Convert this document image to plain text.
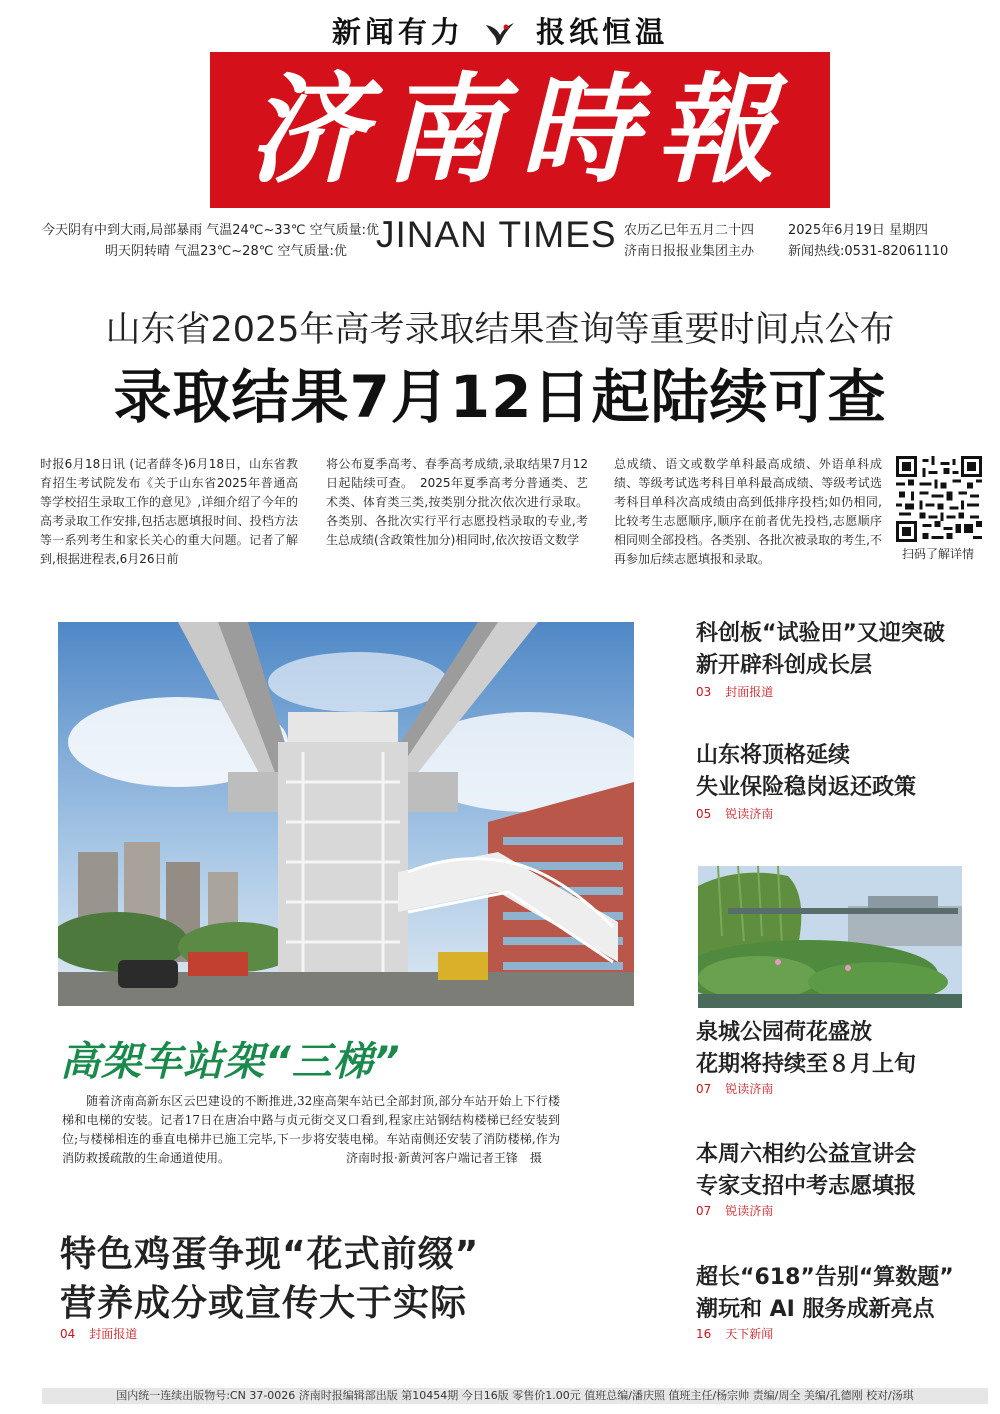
新闻有力 报纸恒温
济南時報
今天阴有中到大雨,局部暴雨 气温24℃~33℃ 空气质量:优
明天阴转晴 气温23℃~28℃ 空气质量:优 JINAN TIMES 农历乙巳年五月二十四	2025年6月19日 星期四
济南日报报业集团主办	新闻热线:0531-82061110
山东省2025年高考录取结果查询等重要时间点公布
录取结果7月12日起陆续可查
时报6月18日讯 (记者薛冬)6月18日，山东省教育招生考试院发布《关于山东省2025年普通高等学校招生录取工作的意见》,详细介绍了今年的高考录取工作安排,包括志愿填报时间、投档方法等一系列考生和家长关心的重大问题。记者了解到,根据进程表,6月26日前
将公布夏季高考、春季高考成绩,录取结果7月12日起陆续可查。　2025年夏季高考分普通类、艺术类、体育类三类,按类别分批次依次进行录取。各类别、各批次实行平行志愿投档录取的专业,考生总成绩(含政策性加分)相同时,依次按语文数学
总成绩、语文或数学单科最高成绩、外语单科成绩、等级考试选考科目单科最高成绩、等级考试选考科目单科次高成绩由高到低排序投档;如仍相同,比较考生志愿顺序,顺序在前者优先投档,志愿顺序相同则全部投档。各类别、各批次被录取的考生,不再参加后续志愿填报和录取。	扫码了解详情
高架车站架“三梯”
随着济南高新东区云巴建设的不断推进,32座高架车站已全部封顶,部分车站开始上下行楼梯和电梯的安装。记者17日在唐冶中路与贞元街交叉口看到,程家庄站钢结构楼梯已经安装到位;与楼梯相连的垂直电梯井已施工完毕,下一步将安装电梯。车站南侧还安装了消防楼梯,作为消防救援疏散的生命通道使用。	济南时报·新黄河客户端记者王锋　摄
特色鸡蛋争现“花式前缀”
营养成分或宣传大于实际
04 封面报道
科创板“试验田”又迎突破
新开辟科创成长层
03 封面报道
山东将顶格延续
失业保险稳岗返还政策
05 锐读济南
泉城公园荷花盛放
花期将持续至８月上旬
07 锐读济南
本周六相约公益宣讲会
专家支招中考志愿填报
07 锐读济南
超长“618”告别“算数题”
潮玩和 AI 服务成新亮点
16 天下新闻
国内统一连续出版物号:CN 37-0026 济南时报编辑部出版 第10454期 今日16版 零售价1.00元 值班总编/潘庆照 值班主任/杨宗帅 责编/周全 美编/孔德刚 校对/汤琪
